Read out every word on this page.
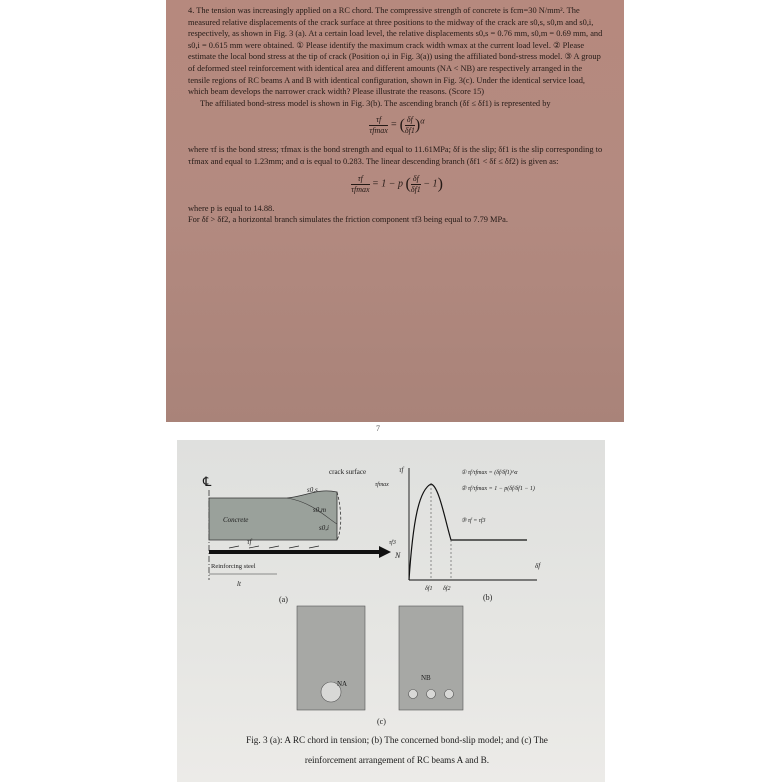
4. The tension was increasingly applied on a RC chord. The compressive strength of concrete is fcm=30 N/mm². The measured relative displacements of the crack surface at three positions to the midway of the crack are s0,s, s0,m and s0,i, respectively, as shown in Fig. 3 (a). At a certain load level, the relative displacements s0,s = 0.76 mm, s0,m = 0.69 mm, and s0,i = 0.615 mm were obtained. ① Please identify the maximum crack width wmax at the current load level. ② Please estimate the local bond stress at the tip of crack (Position o,i in Fig. 3(a)) using the affiliated bond-stress model. ③ A group of deformed steel reinforcement with identical area and different amounts (NA < NB) are respectively arranged in the tensile regions of RC beams A and B with identical configuration, shown in Fig. 3(c). Under the identical service load, which beam develops the narrower crack width? Please illustrate the reasons. (Score 15)

The affiliated bond-stress model is shown in Fig. 3(b). The ascending branch (δf ≤ δf1) is represented by

$\frac{\tau f}{\tau fmax}$ = ( $\frac{\delta f}{\delta f1} )^\alpha$

where τf is the bond stress; τfmax is the bond strength and equal to 11.61MPa; δf is the slip; δf1 is the slip corresponding to τfmax and equal to 1.23mm; and α is equal to 0.283. The linear descending branch (δf1 < δf ≤ δf2) is given as:

$\frac{\tau f}{\tau fmax} = 1 - p$ ( $\frac{\delta f}{\delta f1} - 1$)

where p is equal to 14.88.

For δf > δf2, a horizontal branch simulates the friction component τf3 being equal to 7.79 MPa.

7
℄
crack surface
s0,s
s0,m
s0,i
Concrete
τf
N
Reinforcing steel
lt
(a)
τf
τfmax
τf3
δf
δf1 δf2
① τf/τfmax = (δf/δf1)^α
② τf/τfmax = 1 − p(δf/δf1 − 1)
③ τf = τf3
(b)
NA
NB
(c)

Fig. 3 (a): A RC chord in tension; (b) The concerned bond-slip model; and (c) The

reinforcement arrangement of RC beams A and B.
